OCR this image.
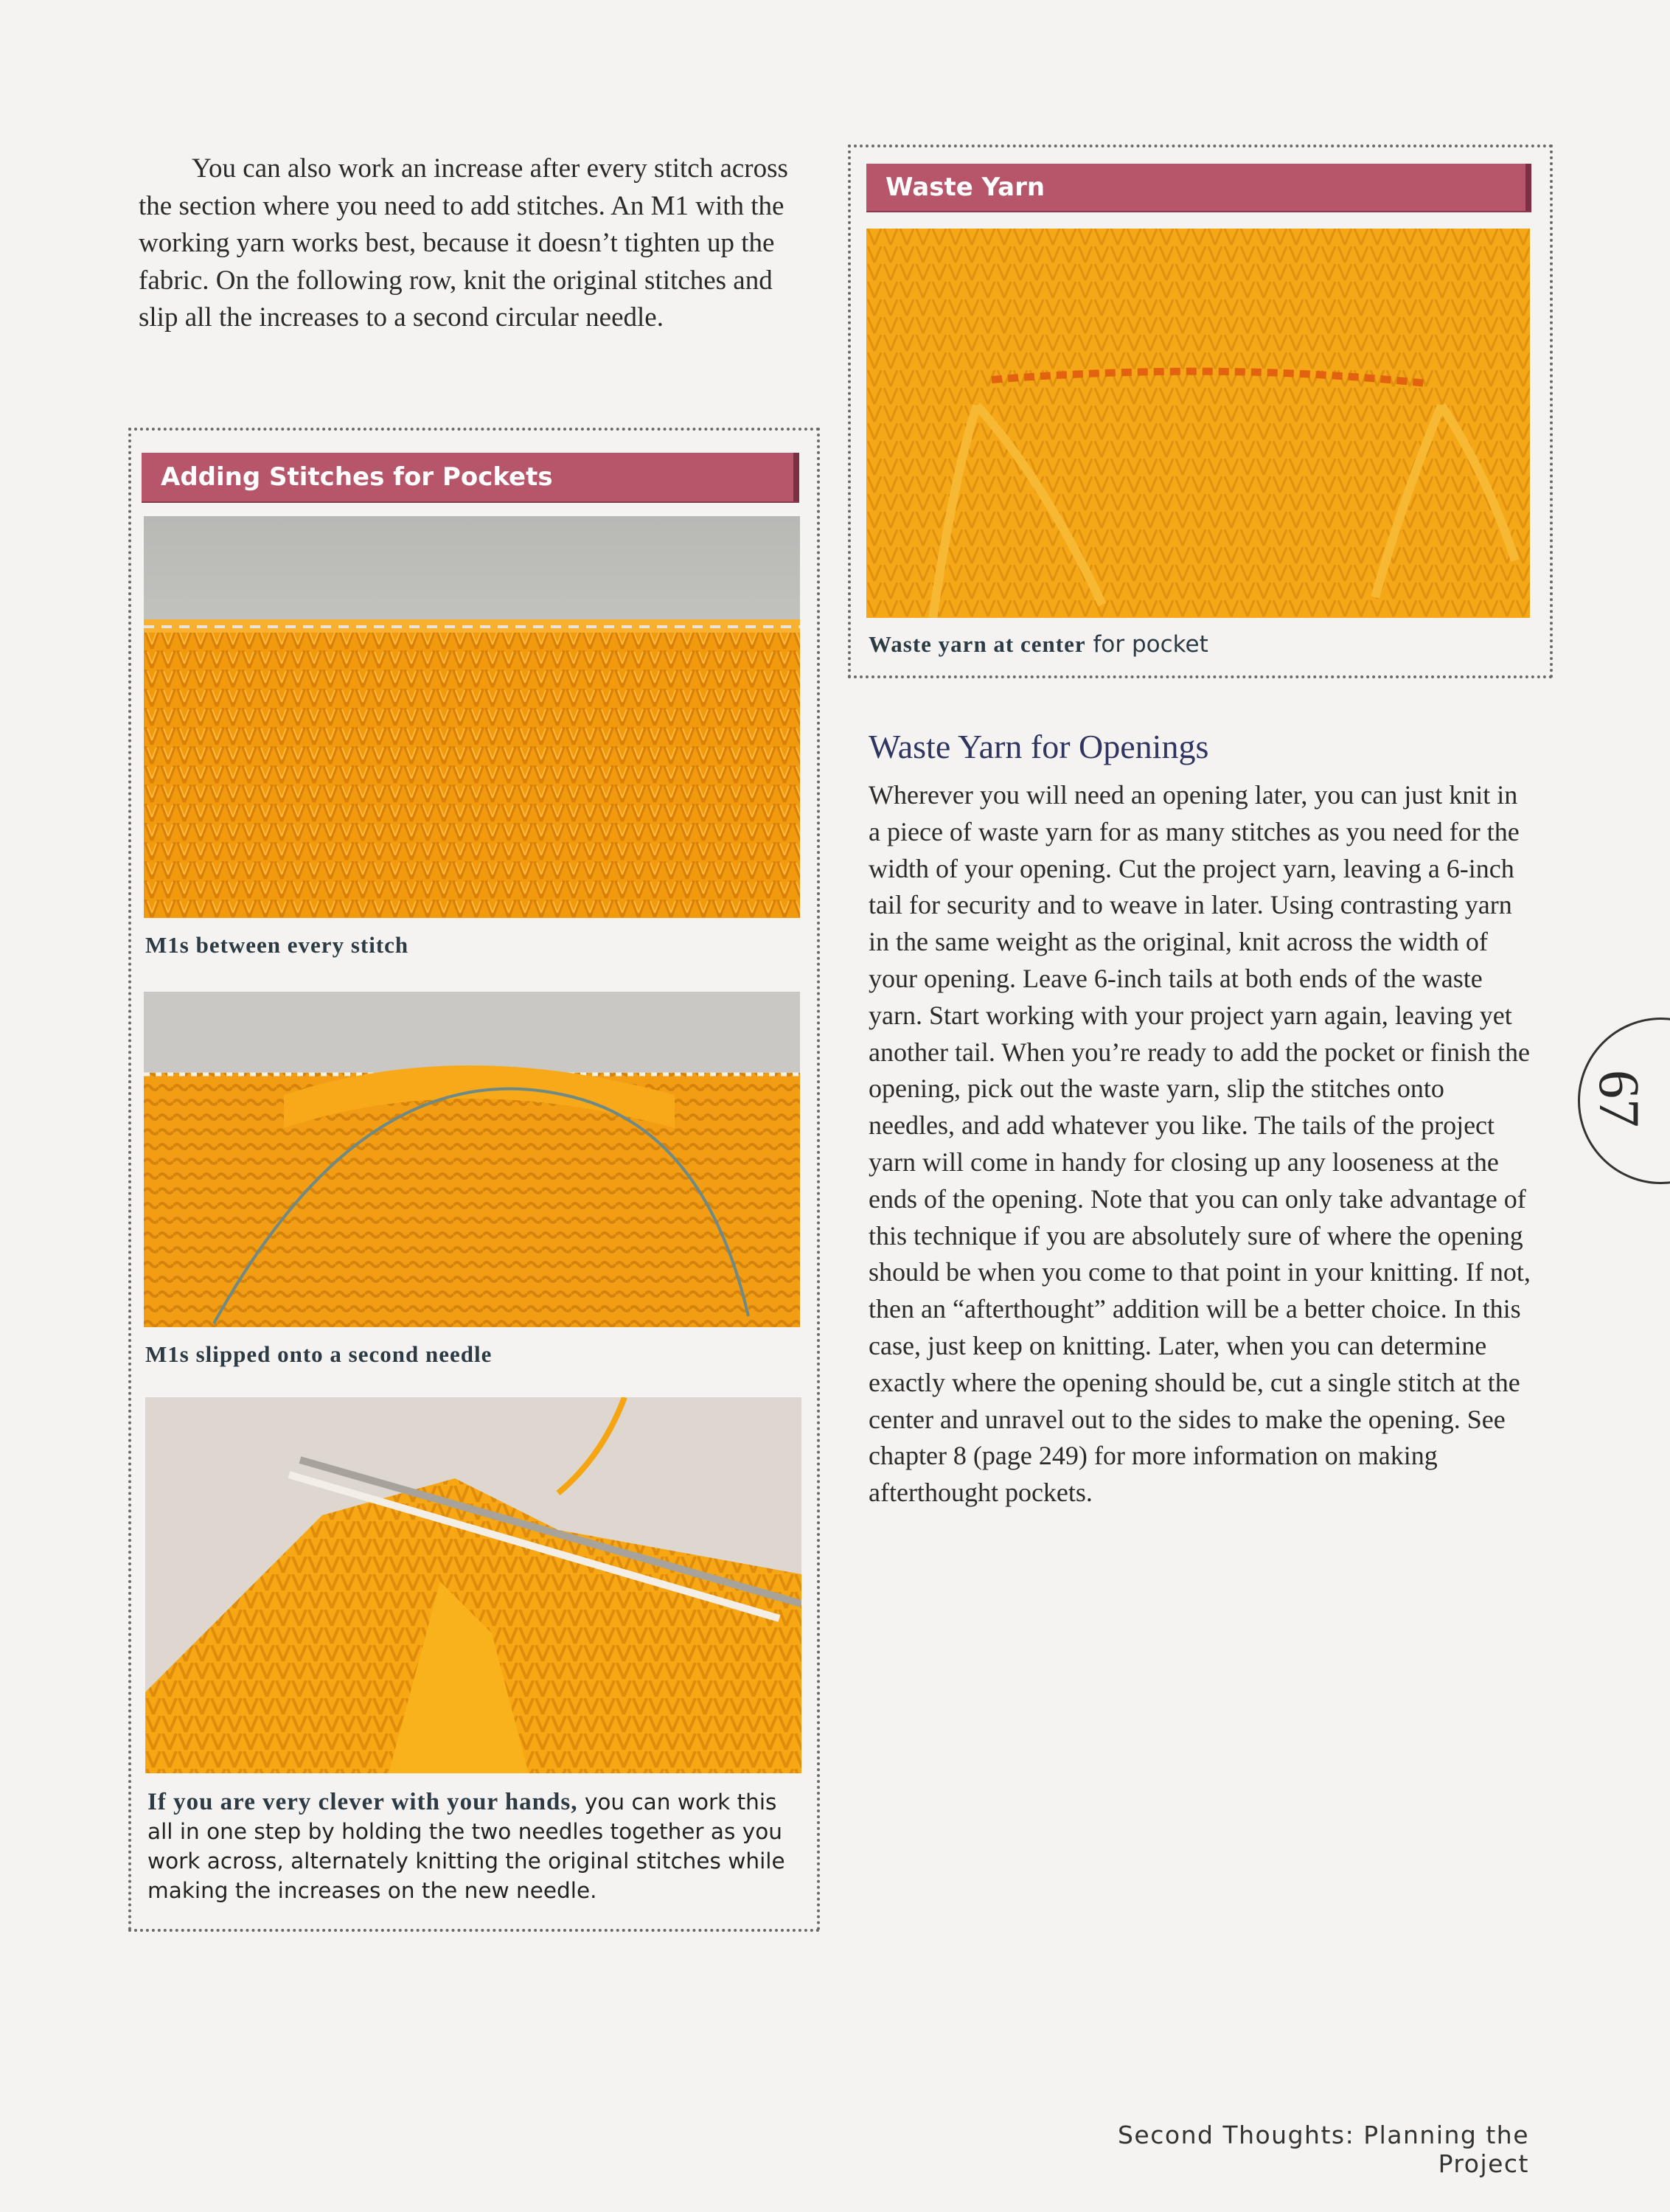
You can also work an increase after every stitch across the section where you need to add stitches. An M1 with the working yarn works best, because it doesn’t tighten up the fabric. On the following row, knit the original stitches and slip all the increases to a second circular needle.

Adding Stitches for Pockets

M1s between every stitch

M1s slipped onto a second needle

If you are very clever with your hands, you can work this all in one step by holding the two needles together as you work across, alternately knitting the original stitches while making the increases on the new needle.

Waste Yarn

Waste yarn at center for pocket

Waste Yarn for Openings

Wherever you will need an opening later, you can just knit in a piece of waste yarn for as many stitches as you need for the width of your opening. Cut the project yarn, leaving a 6-inch tail for security and to weave in later. Using contrasting yarn in the same weight as the original, knit across the width of your opening. Leave 6-inch tails at both ends of the waste yarn. Start working with your project yarn again, leaving yet another tail. When you’re ready to add the pocket or finish the opening, pick out the waste yarn, slip the stitches onto needles, and add whatever you like. The tails of the project yarn will come in handy for closing up any looseness at the ends of the opening. Note that you can only take advantage of this technique if you are absolutely sure of where the opening should be when you come to that point in your knitting. If not, then an “afterthought” addition will be a better choice. In this case, just keep on knitting. Later, when you can determine exactly where the opening should be, cut a single stitch at the center and unravel out to the sides to make the opening. See chapter 8 (page 249) for more information on making afterthought pockets.

67

Second Thoughts: Planning the Project
